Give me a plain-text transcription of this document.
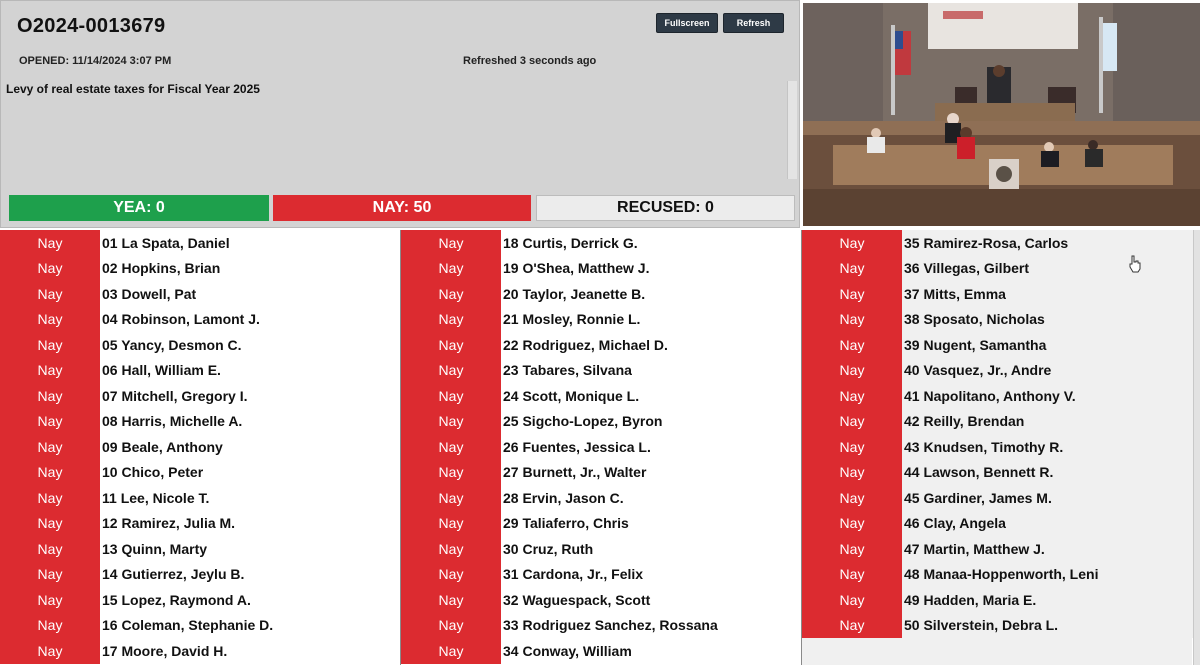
O2024-0013679
OPENED: 11/14/2024 3:07 PM	Refreshed 3 seconds ago
Levy of real estate taxes for Fiscal Year 2025
Fullscreen	Refresh
YEA: 0	NAY: 50	RECUSED: 0
Nay	01 La Spata, Daniel
Nay	02 Hopkins, Brian
Nay	03 Dowell, Pat
Nay	04 Robinson, Lamont J.
Nay	05 Yancy, Desmon C.
Nay	06 Hall, William E.
Nay	07 Mitchell, Gregory I.
Nay	08 Harris, Michelle A.
Nay	09 Beale, Anthony
Nay	10 Chico, Peter
Nay	11 Lee, Nicole T.
Nay	12 Ramirez, Julia M.
Nay	13 Quinn, Marty
Nay	14 Gutierrez, Jeylu B.
Nay	15 Lopez, Raymond A.
Nay	16 Coleman, Stephanie D.
Nay	17 Moore, David H.
Nay	18 Curtis, Derrick G.
Nay	19 O'Shea, Matthew J.
Nay	20 Taylor, Jeanette B.
Nay	21 Mosley, Ronnie L.
Nay	22 Rodriguez, Michael D.
Nay	23 Tabares, Silvana
Nay	24 Scott, Monique L.
Nay	25 Sigcho-Lopez, Byron
Nay	26 Fuentes, Jessica L.
Nay	27 Burnett, Jr., Walter
Nay	28 Ervin, Jason C.
Nay	29 Taliaferro, Chris
Nay	30 Cruz, Ruth
Nay	31 Cardona, Jr., Felix
Nay	32 Waguespack, Scott
Nay	33 Rodriguez Sanchez, Rossana
Nay	34 Conway, William
Nay	35 Ramirez-Rosa, Carlos
Nay	36 Villegas, Gilbert
Nay	37 Mitts, Emma
Nay	38 Sposato, Nicholas
Nay	39 Nugent, Samantha
Nay	40 Vasquez, Jr., Andre
Nay	41 Napolitano, Anthony V.
Nay	42 Reilly, Brendan
Nay	43 Knudsen, Timothy R.
Nay	44 Lawson, Bennett R.
Nay	45 Gardiner, James M.
Nay	46 Clay, Angela
Nay	47 Martin, Matthew J.
Nay	48 Manaa-Hoppenworth, Leni
Nay	49 Hadden, Maria E.
Nay	50 Silverstein, Debra L.
